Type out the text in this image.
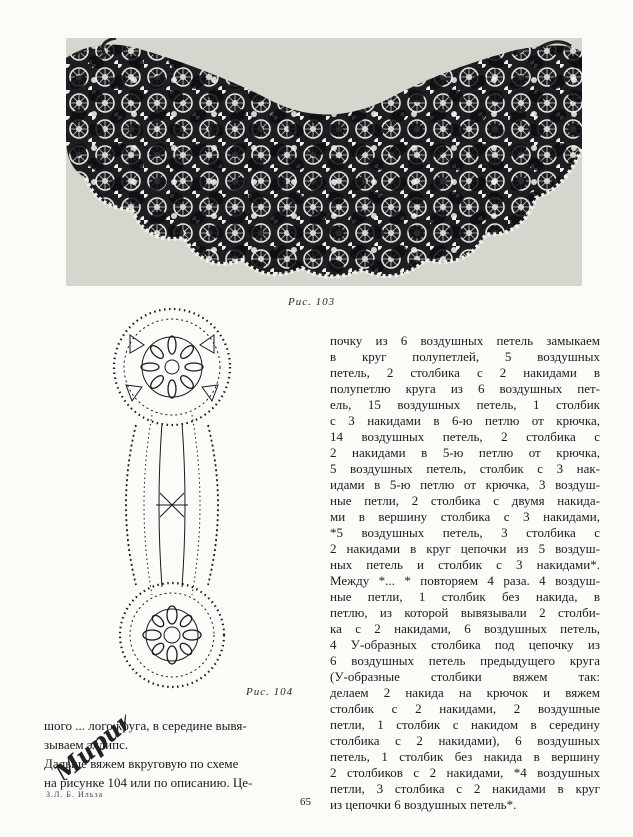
Рис. 103
Рис. 104
почку из 6 воздушных петель замыкаем
в круг полупетлей, 5 воздушных
петель, 2 столбика с 2 накидами в
полупетлю круга из 6 воздушных пет-
ель, 15 воздушных петель, 1 столбик
с 3 накидами в 6-ю петлю от крючка,
14 воздушных петель, 2 столбика с
2 накидами в 5-ю петлю от крючка,
5 воздушных петель, столбик с 3 нак-
идами в 5-ю петлю от крючка, 3 воздуш-
ные петли, 2 столбика с двумя накида-
ми в вершину столбика с 3 накидами,
*5 воздушных петель, 3 столбика с
2 накидами в круг цепочки из 5 воздуш-
ных петель и столбик с 3 накидами*.
Между *... * повторяем 4 раза. 4 воздуш-
ные петли, 1 столбик без накида, в
петлю, из которой вывязывали 2 столби-
ка с 2 накидами, 6 воздушных петель,
4 У-образных столбика под цепочку из
6 воздушных петель предыдущего круга
(У-образные столбики вяжем так:
делаем 2 накида на крючок и вяжем
столбик с 2 накидами, 2 воздушные
петли, 1 столбик с накидом в середину
столбика с 2 накидами), 6 воздушных
петель, 1 столбик без накида в вершину
2 столбиков с 2 накидами, *4 воздушных
петли, 3 столбика с 2 накидами в круг
из цепочки 6 воздушных петель*.
шого ... лого круга, в середине вывя-
зываем эллипс.
Дальше вяжем вкруговую по схеме
на рисунке 104 или по описанию. Це-
Мирик
З.Л. Б. Ильза
65
